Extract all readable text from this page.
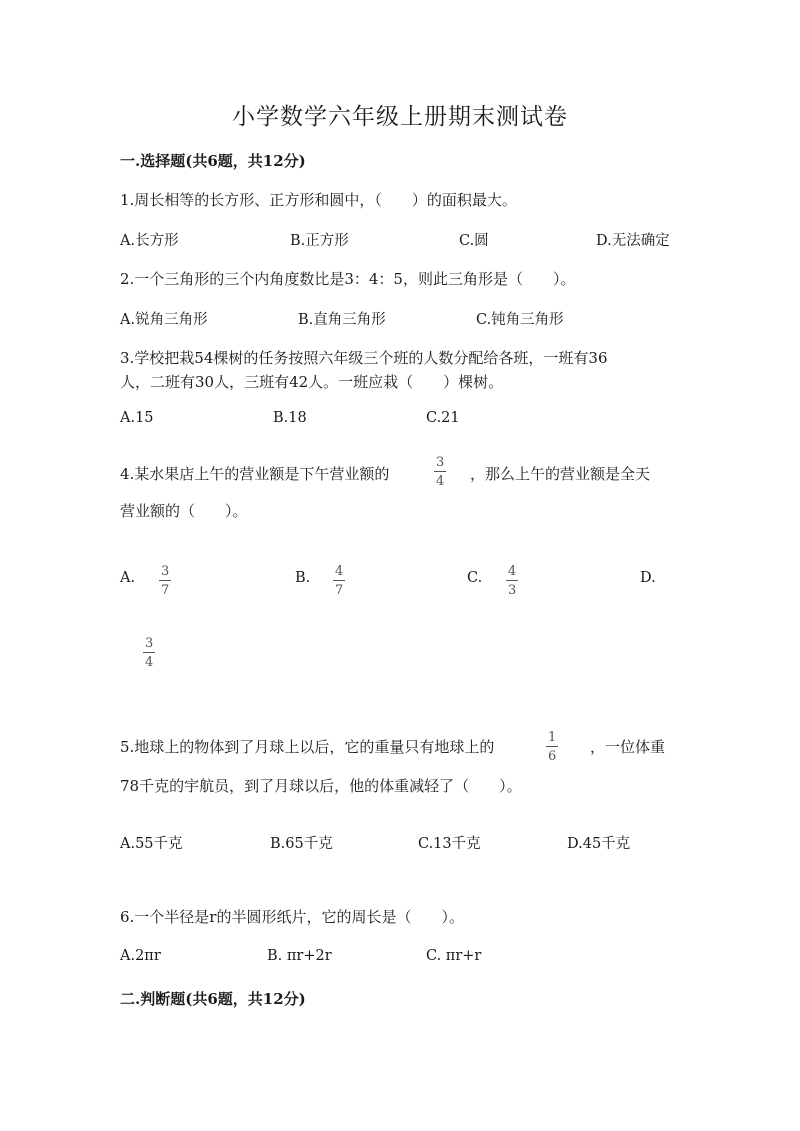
小学数学六年级上册期末测试卷
一.选择题(共6题，共12分)
1.周长相等的长方形、正方形和圆中，（　　）的面积最大。
A.长方形	B.正方形	C.圆	D.无法确定
2.一个三角形的三个内角度数比是3：4：5，则此三角形是（　　）。
A.锐角三角形	B.直角三角形	C.钝角三角形
3.学校把栽54棵树的任务按照六年级三个班的人数分配给各班，一班有36
人，二班有30人，三班有42人。一班应栽（　　）棵树。
A.15	B.18	C.21
4.某水果店上午的营业额是下午营业额的
3
4 ，那么上午的营业额是全天
营业额的（　　）。
A. 3
7
B. 4
7
C. 4
3
D.
3
4
5.地球上的物体到了月球上以后，它的重量只有地球上的
1
6
，一位体重
78千克的宇航员，到了月球以后，他的体重减轻了（　　）。
A.55千克	B.65千克	C.13千克	D.45千克
6.一个半径是r的半圆形纸片，它的周长是（　　）。
A.2πr	B. πr+2r	C. πr+r
二.判断题(共6题，共12分)
